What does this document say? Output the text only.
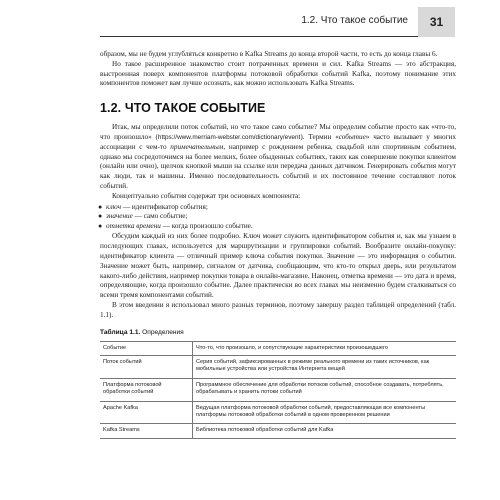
1.2. Что такое событие	31

образом, мы не будем углубляться конкретно в Kafka Streams до конца второй части, то есть до конца главы 6.

Но такое расширенное знакомство стоит потраченных времени и сил. Kafka Streams — это абстракция, выстроенная поверх компонентов платформы потоковой обработки событий Kafka, поэтому понимание этих компонентов поможет вам лучше осознать, как можно использовать Kafka Streams.

1.2. ЧТО ТАКОЕ СОБЫТИЕ

Итак, мы определили поток событий, но что такое само событие? Мы определим событие просто как «что-то, что произошло» (https://www.merriam-webster.com/dictionary/event). Термин «событие» часто вызывает у многих ассоциации с чем-то примечательным, например с рождением ребенка, свадьбой или спортивным событием, однако мы сосредоточимся на более мелких, более обыденных событиях, таких как совершение покупки клиентом (онлайн или очно), щелчок кнопкой мыши на ссылке или передача данных датчиком. Генерировать события могут как люди, так и машины. Именно последовательность событий и их постоянное течение составляют поток событий.

Концептуально события содержат три основных компонента:

● ключ — идентификатор события;
● значение — само событие;
● отметка времени — когда произошло событие.

Обсудим каждый из них более подробно. Ключ может служить идентификатором события и, как мы узнаем в последующих главах, используется для маршрутизации и группировки событий. Вообразите онлайн-покупку: идентификатор клиента — отличный пример ключа события покупки. Значение — это информация о событии. Значение может быть, например, сигналом от датчика, сообщающим, что кто-то открыл дверь, или результатом какого-либо действия, например покупки товара в онлайн-магазине. Наконец, отметка времени — это дата и время, определяющие, когда произошло событие. Далее практически во всех главах мы неизменно будем сталкиваться со всеми тремя компонентами событий.

В этом введении я использовал много разных терминов, поэтому завершу раздел таблицей определений (табл. 1.1).

Таблица 1.1. Определения
Событие	Что-то, что произошло, и сопутствующие характеристики произошедшего
Поток событий	Серия событий, зафиксированных в режиме реального времени из таких источников, как мобильные устройства или устройства Интернета вещей
Платформа потоковой обработки событий	Программное обеспечение для обработки потоков событий, способное создавать, потреблять, обрабатывать и хранить потоки событий
Apache Kafka	Ведущая платформа потоковой обработки событий, предоставляющая все компоненты платформы потоковой обработки событий в одном проверенном решении
Kafka Streams	Библиотека потоковой обработки событий для Kafka
